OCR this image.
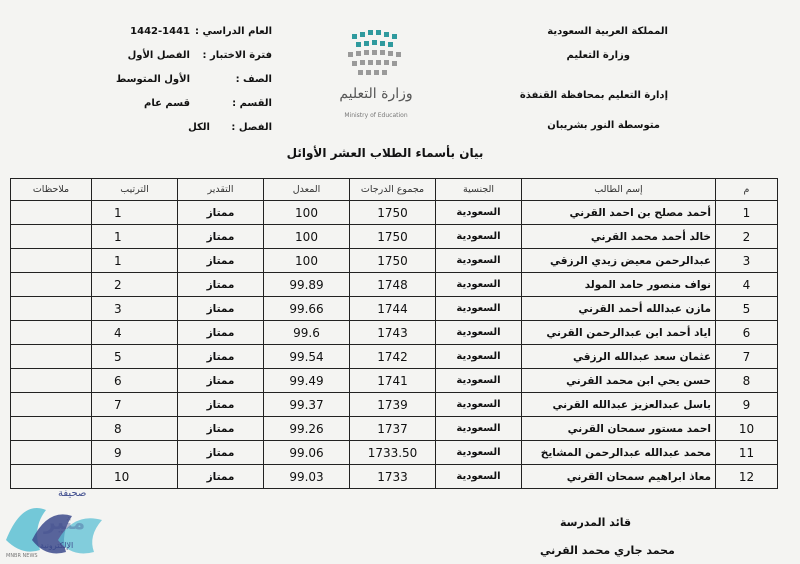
المملكة العربية السعودية
وزارة التعليم
إدارة التعليم بمحافظة القنفذة
متوسطة النور بشريبان
وزارة التعليم
Ministry of Education
العام الدراسي :
1442-1441
فترة الاختبار :
الفصل الأول
الصف :
الأول المتوسط
القسم :
قسم عام
الفصل :
الكل
بيان بأسماء الطلاب العشر الأوائل
م	إسم الطالب	الجنسية	مجموع الدرجات	المعدل	التقدير	الترتيب	ملاحظات
1	أحمد مصلح بن احمد القرني	السعودية	1750	100	ممتاز	1	
2	خالد أحمد محمد القرني	السعودية	1750	100	ممتاز	1	
3	عبدالرحمن معيض زيدي الرزقي	السعودية	1750	100	ممتاز	1	
4	نواف منصور حامد المولد	السعودية	1748	99.89	ممتاز	2	
5	مازن عبدالله أحمد القرني	السعودية	1744	99.66	ممتاز	3	
6	اياد أحمد ابن عبدالرحمن القرني	السعودية	1743	99.6	ممتاز	4	
7	عثمان سعد عبدالله الرزقي	السعودية	1742	99.54	ممتاز	5	
8	حسن يحي ابن محمد القرني	السعودية	1741	99.49	ممتاز	6	
9	باسل عبدالعزيز عبدالله القرني	السعودية	1739	99.37	ممتاز	7	
10	احمد مستور سمحان القرني	السعودية	1737	99.26	ممتاز	8	
11	محمد عبدالله عبدالرحمن المشايخ	السعودية	1733.50	99.06	ممتاز	9	
12	معاذ ابراهيم سمحان القرني	السعودية	1733	99.03	ممتاز	10	
قائد المدرسة
محمد جاري محمد القرني
صحيفة
مثير
الإلكترونية
MNBR NEWS
